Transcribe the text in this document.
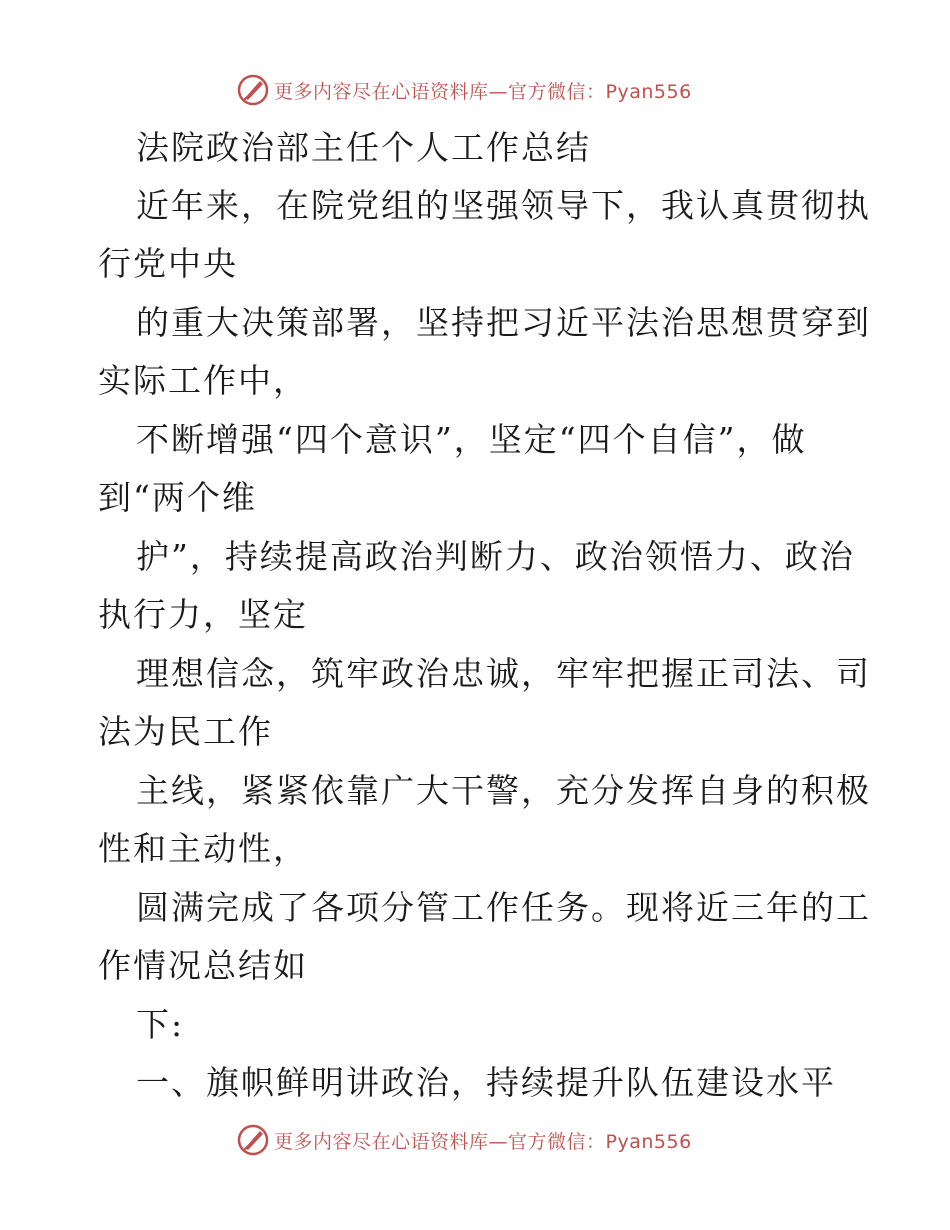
更多内容尽在心语资料库—官方微信：Pyan556
法院政治部主任个人工作总结
近年来，在院党组的坚强领导下，我认真贯彻执
行党中央
的重大决策部署，坚持把习近平法治思想贯穿到
实际工作中，
不断增强“四个意识”，坚定“四个自信”，做
到“两个维
护”，持续提高政治判断力、政治领悟力、政治
执行力，坚定
理想信念，筑牢政治忠诚，牢牢把握正司法、司
法为民工作
主线，紧紧依靠广大干警，充分发挥自身的积极
性和主动性，
圆满完成了各项分管工作任务。现将近三年的工
作情况总结如
下:
一、旗帜鲜明讲政治，持续提升队伍建设水平
更多内容尽在心语资料库—官方微信：Pyan556
